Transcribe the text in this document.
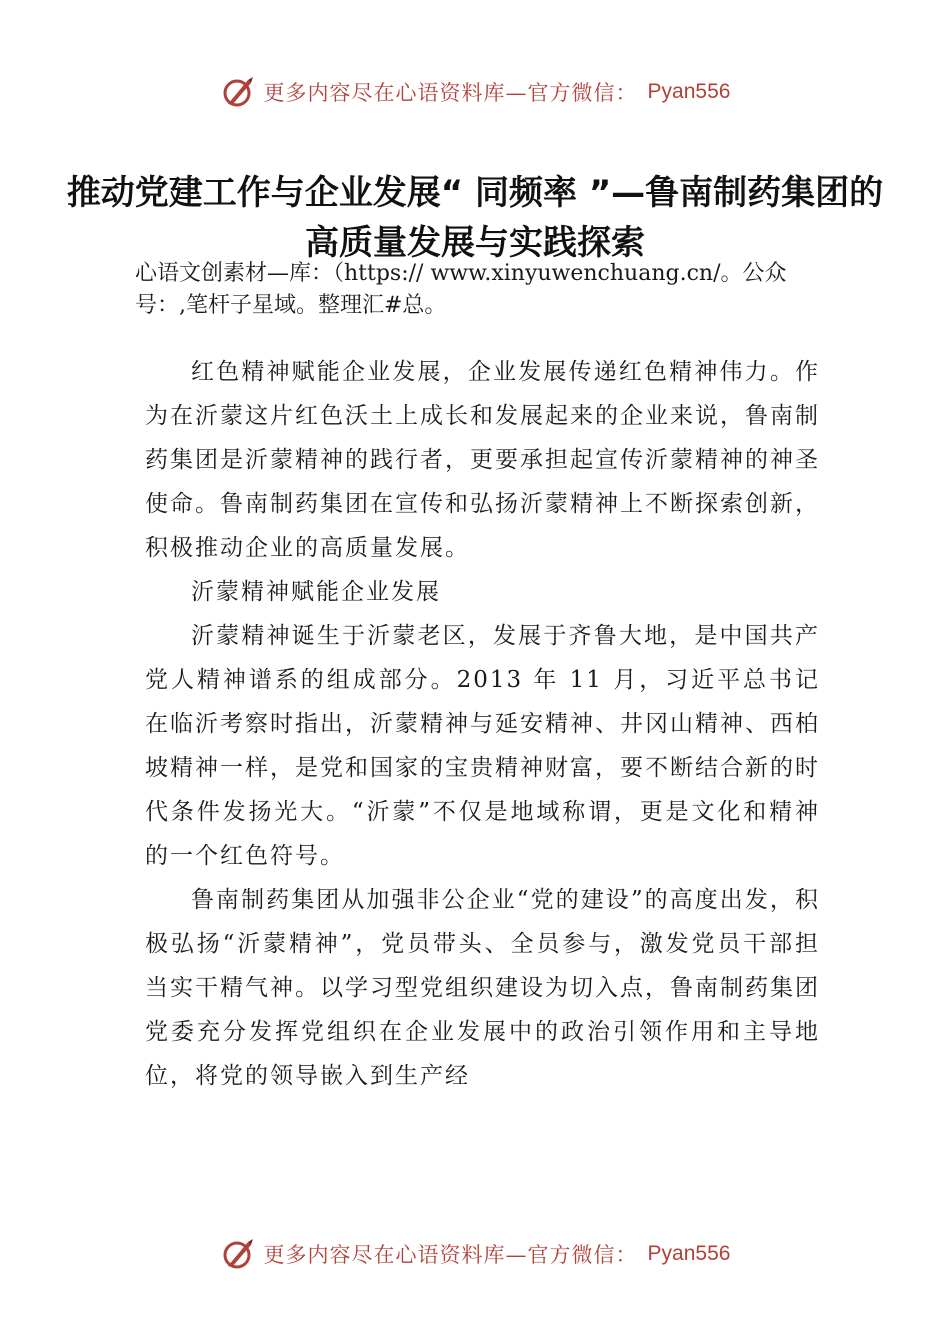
更多内容尽在心语资料库—官方微信： Pyan556
推动党建工作与企业发展“ 同频率 ”—鲁南制药集团的高质量发展与实践探索
心语文创素材—库：（https:// www.xinyuwenchuang.cn/。公众号：,笔杆子星域。整理汇#总。

红色精神赋能企业发展，企业发展传递红色精神伟力。作为在沂蒙这片红色沃土上成长和发展起来的企业来说，鲁南制药集团是沂蒙精神的践行者，更要承担起宣传沂蒙精神的神圣使命。鲁南制药集团在宣传和弘扬沂蒙精神上不断探索创新，积极推动企业的高质量发展。

沂蒙精神赋能企业发展

沂蒙精神诞生于沂蒙老区，发展于齐鲁大地，是中国共产党人精神谱系的组成部分。2013 年 11 月，习近平总书记在临沂考察时指出，沂蒙精神与延安精神、井冈山精神、西柏坡精神一样，是党和国家的宝贵精神财富，要不断结合新的时代条件发扬光大。“沂蒙”不仅是地域称谓，更是文化和精神的一个红色符号。

鲁南制药集团从加强非公企业“党的建设”的高度出发，积极弘扬“沂蒙精神”，党员带头、全员参与，激发党员干部担当实干精气神。以学习型党组织建设为切入点，鲁南制药集团党委充分发挥党组织在企业发展中的政治引领作用和主导地位，将党的领导嵌入到生产经

更多内容尽在心语资料库—官方微信： Pyan556
